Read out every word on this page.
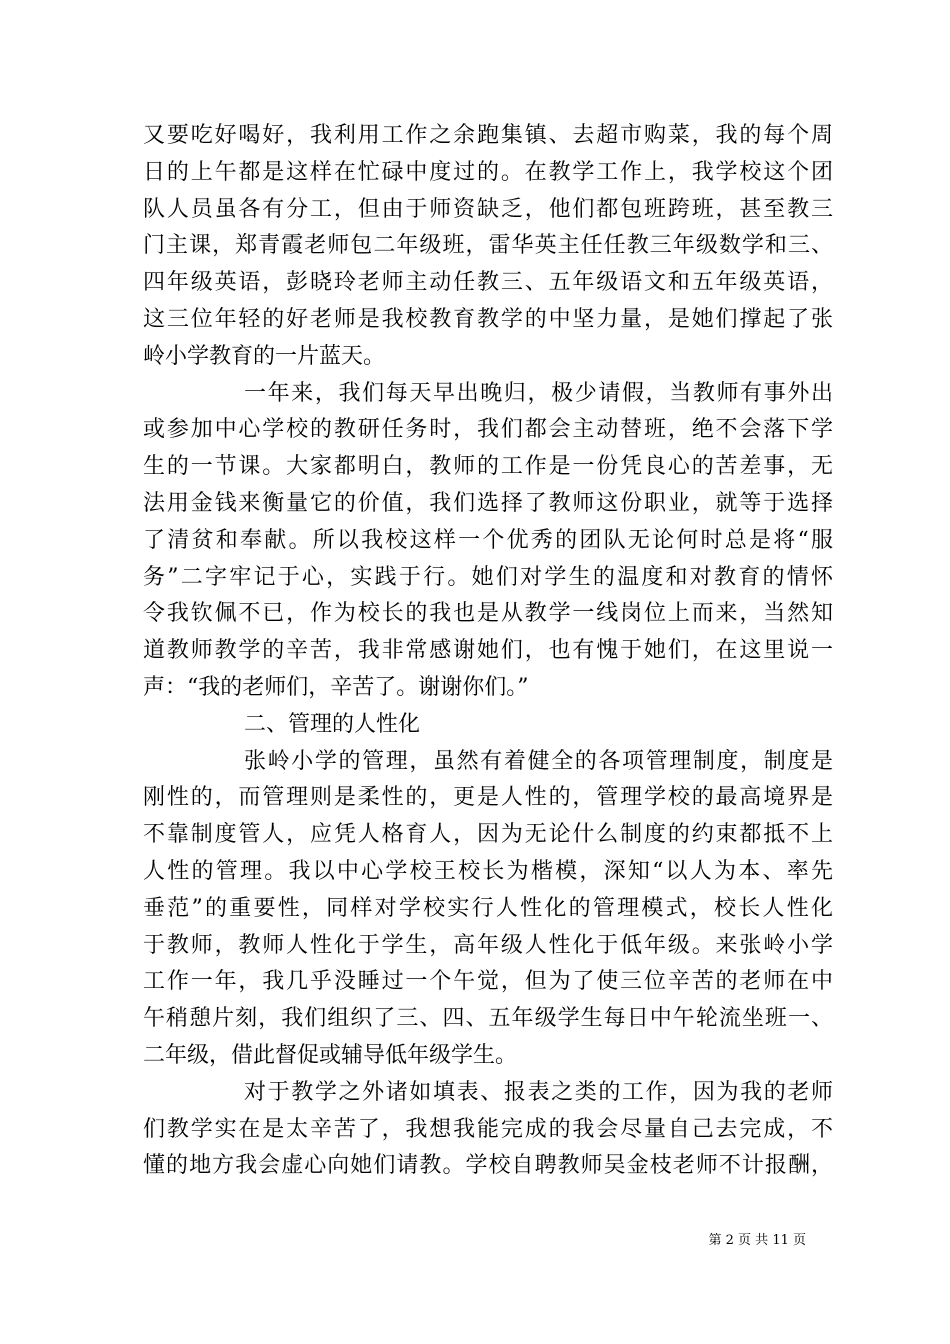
又要吃好喝好，我利用工作之余跑集镇、去超市购菜，我的每个周
日的上午都是这样在忙碌中度过的。在教学工作上，我学校这个团
队人员虽各有分工，但由于师资缺乏，他们都包班跨班，甚至教三
门主课，郑青霞老师包二年级班，雷华英主任任教三年级数学和三、
四年级英语，彭晓玲老师主动任教三、五年级语文和五年级英语，
这三位年轻的好老师是我校教育教学的中坚力量，是她们撑起了张
岭小学教育的一片蓝天。
一年来，我们每天早出晚归，极少请假，当教师有事外出
或参加中心学校的教研任务时，我们都会主动替班，绝不会落下学
生的一节课。大家都明白，教师的工作是一份凭良心的苦差事，无
法用金钱来衡量它的价值，我们选择了教师这份职业，就等于选择
了清贫和奉献。所以我校这样一个优秀的团队无论何时总是将“服
务”二字牢记于心，实践于行。她们对学生的温度和对教育的情怀
令我钦佩不已，作为校长的我也是从教学一线岗位上而来，当然知
道教师教学的辛苦，我非常感谢她们，也有愧于她们，在这里说一
声：“我的老师们，辛苦了。谢谢你们。”
二、管理的人性化
张岭小学的管理，虽然有着健全的各项管理制度，制度是
刚性的，而管理则是柔性的，更是人性的，管理学校的最高境界是
不靠制度管人，应凭人格育人，因为无论什么制度的约束都抵不上
人性的管理。我以中心学校王校长为楷模，深知“以人为本、率先
垂范”的重要性，同样对学校实行人性化的管理模式，校长人性化
于教师，教师人性化于学生，高年级人性化于低年级。来张岭小学
工作一年，我几乎没睡过一个午觉，但为了使三位辛苦的老师在中
午稍憩片刻，我们组织了三、四、五年级学生每日中午轮流坐班一、
二年级，借此督促或辅导低年级学生。
对于教学之外诸如填表、报表之类的工作，因为我的老师
们教学实在是太辛苦了，我想我能完成的我会尽量自己去完成，不
懂的地方我会虚心向她们请教。学校自聘教师吴金枝老师不计报酬，
第 2 页 共 11 页
